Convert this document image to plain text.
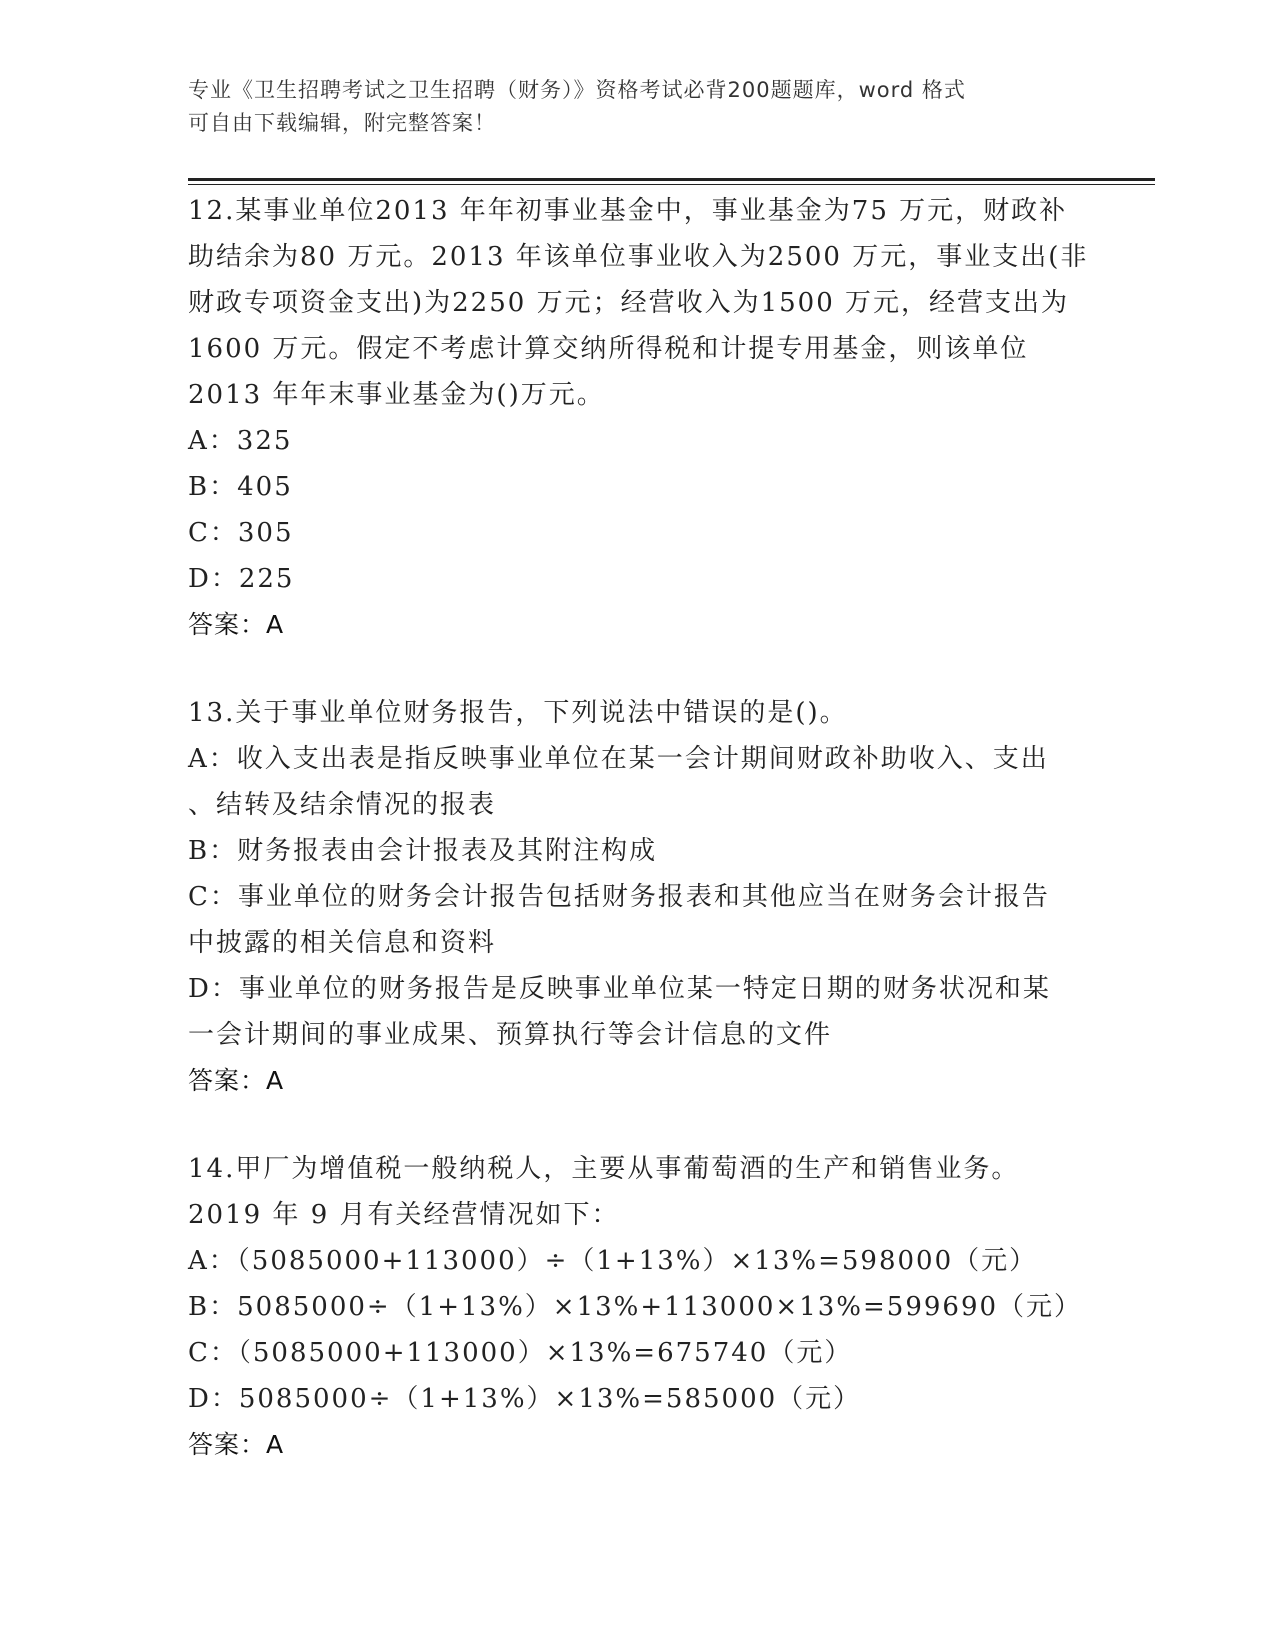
专业《卫生招聘考试之卫生招聘（财务）》资格考试必背200题题库，word 格式
可自由下载编辑，附完整答案！
12.某事业单位2013 年年初事业基金中，事业基金为75 万元，财政补
助结余为80 万元。2013 年该单位事业收入为2500 万元，事业支出(非
财政专项资金支出)为2250 万元；经营收入为1500 万元，经营支出为
1600 万元。假定不考虑计算交纳所得税和计提专用基金，则该单位
2013 年年末事业基金为()万元。
A：325
B：405
C：305
D：225
答案：A
13.关于事业单位财务报告，下列说法中错误的是()。
A：收入支出表是指反映事业单位在某一会计期间财政补助收入、支出
、结转及结余情况的报表
B：财务报表由会计报表及其附注构成
C：事业单位的财务会计报告包括财务报表和其他应当在财务会计报告
中披露的相关信息和资料
D：事业单位的财务报告是反映事业单位某一特定日期的财务状况和某
一会计期间的事业成果、预算执行等会计信息的文件
答案：A
14.甲厂为增值税一般纳税人，主要从事葡萄酒的生产和销售业务。
2019 年 9 月有关经营情况如下：
A：（5085000+113000）÷（1+13%）×13%=598000（元）
B：5085000÷（1+13%）×13%+113000×13%=599690（元）
C：（5085000+113000）×13%=675740（元）
D：5085000÷（1+13%）×13%=585000（元）
答案：A
